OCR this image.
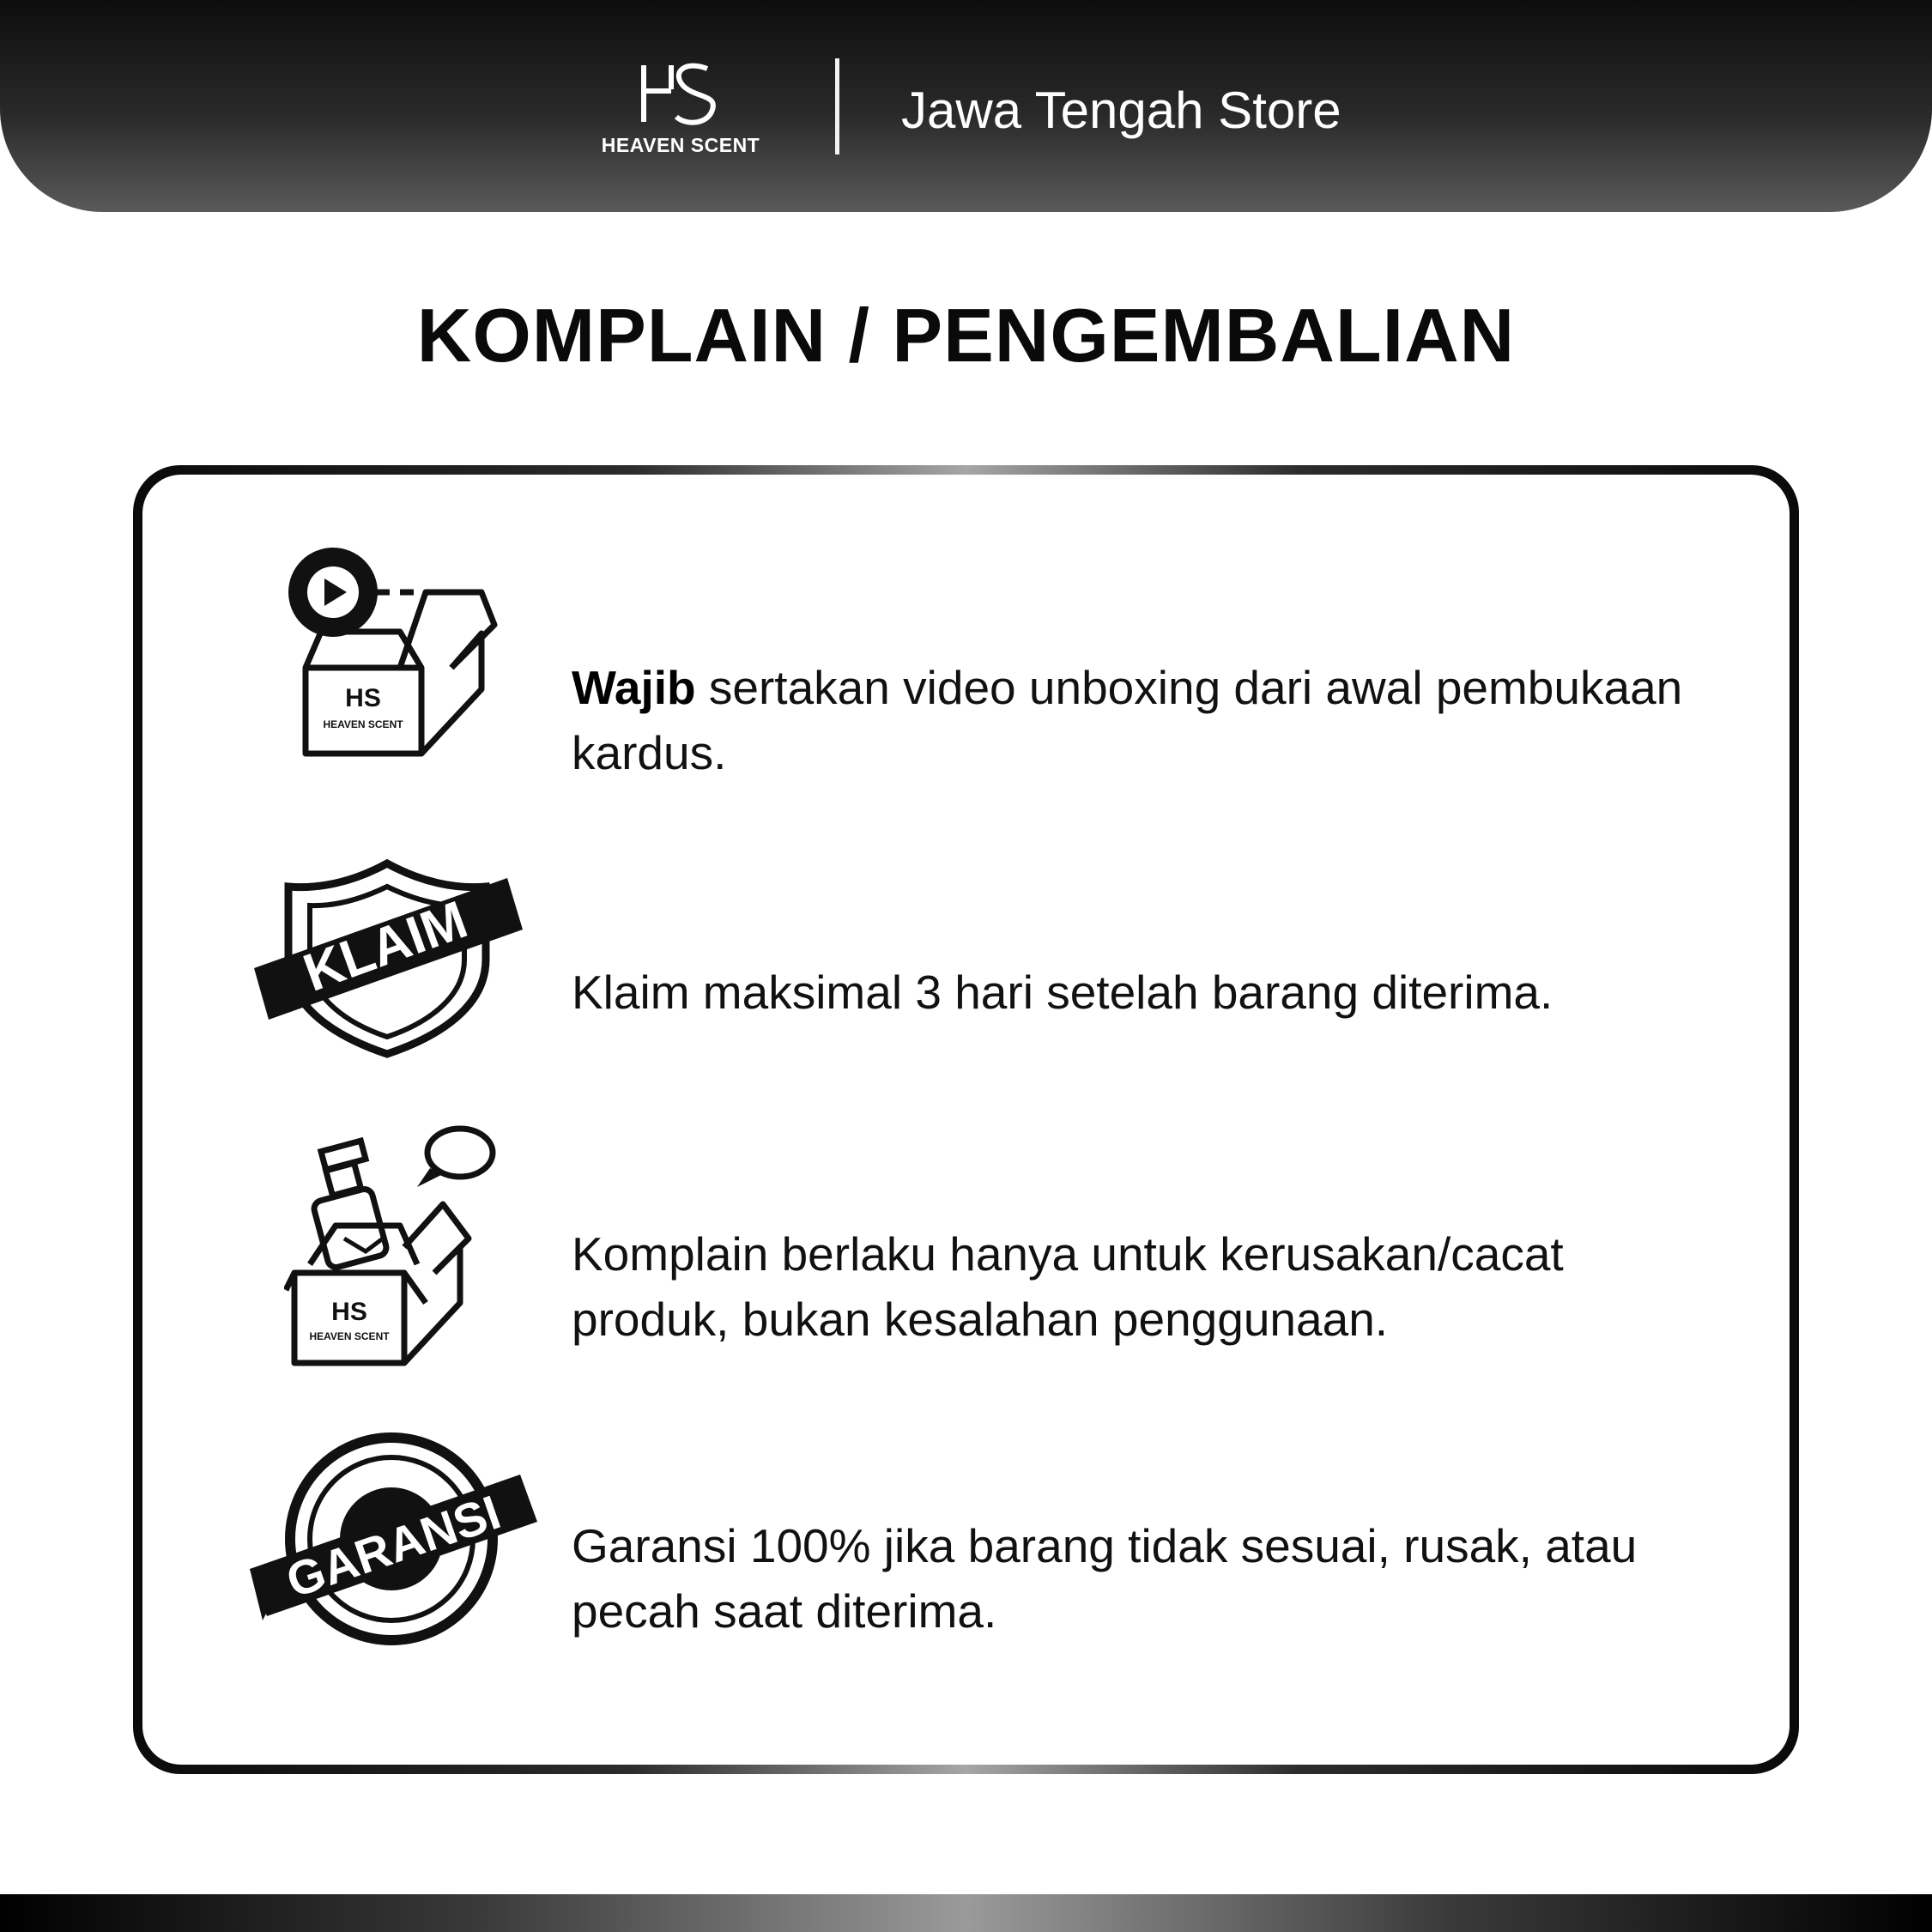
HEAVEN SCENT
Jawa Tengah Store
KOMPLAIN / PENGEMBALIAN
HS
HEAVEN SCENT
Wajib sertakan video unboxing dari awal pembukaan kardus.
KLAIM Klaim maksimal 3 hari setelah barang diterima.
HS
HEAVEN SCENT
Komplain berlaku hanya untuk kerusakan/cacat produk, bukan kesalahan penggunaan.
GARANSI Garansi 100% jika barang tidak sesuai, rusak, atau pecah saat diterima.
